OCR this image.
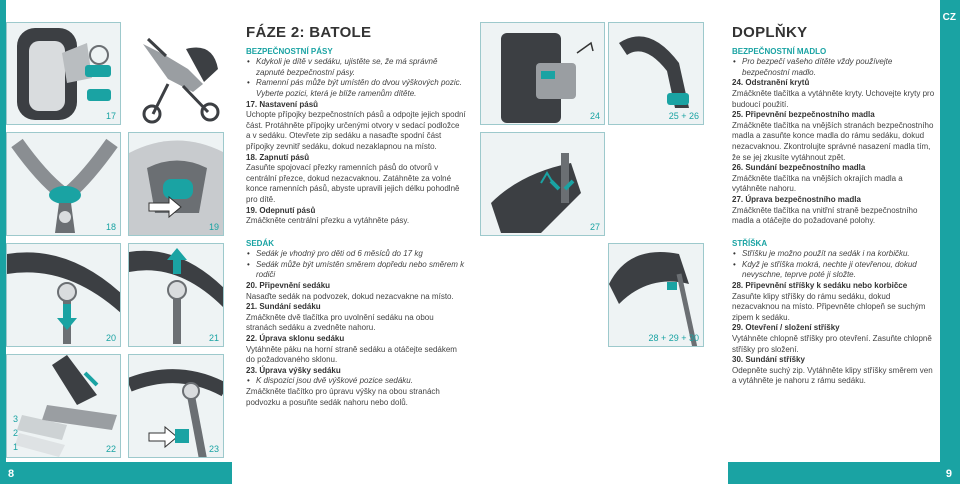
8
17
18	19
20	21
3
2
1	22	23
FÁZE 2: BATOLE
BEZPEČNOSTNÍ PÁSY
• Kdykoli je dítě v sedáku, ujistěte se, že má správně zapnuté bezpečnostní pásy.
• Ramenní pás může být umístěn do dvou výškových pozic. Vyberte pozici, která je blíže ramenům dítěte.
17. Nastavení pásů

Uchopte přípojky bezpečnostních pásů a odpojte jejich spodní část. Protáhněte přípojky určenými otvory v sedací podložce a v sedáku. Otevřete zip sedáku a nasaďte spodní část přípojky zevnitř sedáku, dokud nezaklapnou na místo.

18. Zapnutí pásů

Zasuňte spojovací přezky ramenních pásů do otvorů v centrální přezce, dokud nezacvaknou. Zatáhněte za volné konce ramenních pásů, abyste upravili jejich délku pohodlně pro dítě.

19. Odepnutí pásů

Zmáčkněte centrální přezku a vytáhněte pásy.

SEDÁK
• Sedák je vhodný pro děti od 6 měsíců do 17 kg
• Sedák může být umístěn směrem dopředu nebo směrem k rodiči
20. Připevnění sedáku

Nasaďte sedák na podvozek, dokud nezacvakne na místo.

21. Sundání sedáku

Zmáčkněte dvě tlačítka pro uvolnění sedáku na obou stranách sedáku a zvedněte nahoru.

22. Úprava sklonu sedáku

Vytáhněte páku na horní straně sedáku a otáčejte sedákem do požadovaného sklonu.

23. Úprava výšky sedáku
• K dispozici jsou dvě výškové pozice sedáku.

Zmáčkněte tlačítko pro úpravu výšky na obou stranách podvozku a posuňte sedák nahoru nebo dolů.

CZ
9
24	25 + 26
27
28 + 29 + 30
DOPLŇKY
BEZPEČNOSTNÍ MADLO
• Pro bezpečí vašeho dítěte vždy používejte bezpečnostní madlo.
24. Odstranění krytů

Zmáčkněte tlačítka a vytáhněte kryty. Uchovejte kryty pro budoucí použití.

25. Připevnění bezpečnostního madla

Zmáčkněte tlačítka na vnějších stranách bezpečnostního madla a zasuňte konce madla do rámu sedáku, dokud nezacvaknou. Zkontrolujte správné nasazení madla tím, že se jej zkusíte vytáhnout zpět.

26. Sundání bezpečnostního madla

Zmáčkněte tlačítka na vnějších okrajích madla a vytáhněte nahoru.

27. Úprava bezpečnostního madla

Zmáčkněte tlačítka na vnitřní straně bezpečnostního madla a otáčejte do požadované polohy.

STŘÍŠKA
• Stříšku je možno použít na sedák i na korbičku.
• Když je stříška mokrá, nechte ji otevřenou, dokud nevyschne, teprve poté ji složte.
28. Připevnění stříšky k sedáku nebo korbičce

Zasuňte klipy stříšky do rámu sedáku, dokud nezacvaknou na místo. Připevněte chlopeň se suchým zipem k sedáku.

29. Otevření / složení stříšky

Vytáhněte chlopně stříšky pro otevření. Zasuňte chlopně stříšky pro složení.

30. Sundání stříšky

Odepněte suchý zip. Vytáhněte klipy stříšky směrem ven a vytáhněte je nahoru z rámu sedáku.
